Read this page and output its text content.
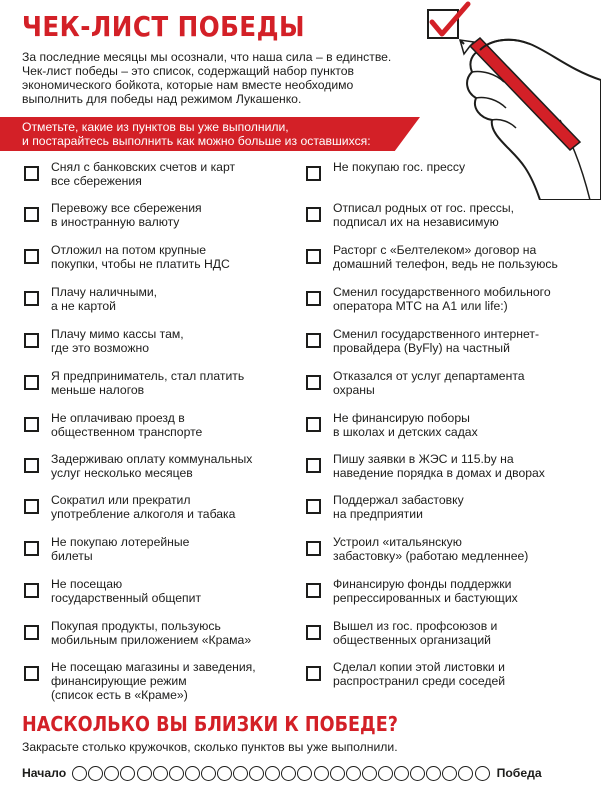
ЧЕК-ЛИСТ ПОБЕДЫ
За последние месяцы мы осознали, что наша сила – в единстве.
Чек-лист победы – это список, содержащий набор пунктов
экономического бойкота, которые нам вместе необходимо
выполнить для победы над режимом Лукашенко.
Отметьте, какие из пунктов вы уже выполнили,
и постарайтесь выполнить как можно больше из оставшихся:
НАСКОЛЬКО ВЫ БЛИЗКИ К ПОБЕДЕ?
Закрасьте столько кружочков, сколько пунктов вы уже выполнили.
Начало	Победа
Снял с банковских счетов и карт
все сбережения
Перевожу все сбережения
в иностранную валюту
Отложил на потом крупные
покупки, чтобы не платить НДС
Плачу наличными,
а не картой
Плачу мимо кассы там,
где это возможно
Я предприниматель, стал платить
меньше налогов
Не оплачиваю проезд в
общественном транспорте
Задерживаю оплату коммунальных
услуг несколько месяцев
Сократил или прекратил
употребление алкоголя и табака
Не покупаю лотерейные
билеты
Не посещаю
государственный общепит
Покупая продукты, пользуюсь
мобильным приложением «Крама»
Не посещаю магазины и заведения,
финансирующие режим
(список есть в «Краме»)
Не покупаю гос. прессу
Отписал родных от гос. прессы,
подписал их на независимую
Расторг с «Белтелеком» договор на
домашний телефон, ведь не пользуюсь
Сменил государственного мобильного
оператора МТС на А1 или life:)
Сменил государственного интернет-
провайдера (ByFly) на частный
Отказался от услуг департамента
охраны
Не финансирую поборы
в школах и детских садах
Пишу заявки в ЖЭС и 115.by на
наведение порядка в домах и дворах
Поддержал забастовку
на предприятии
Устроил «итальянскую
забастовку» (работаю медленнее)
Финансирую фонды поддержки
репрессированных и бастующих
Вышел из гос. профсоюзов и
общественных организаций
Сделал копии этой листовки и
распространил среди соседей
